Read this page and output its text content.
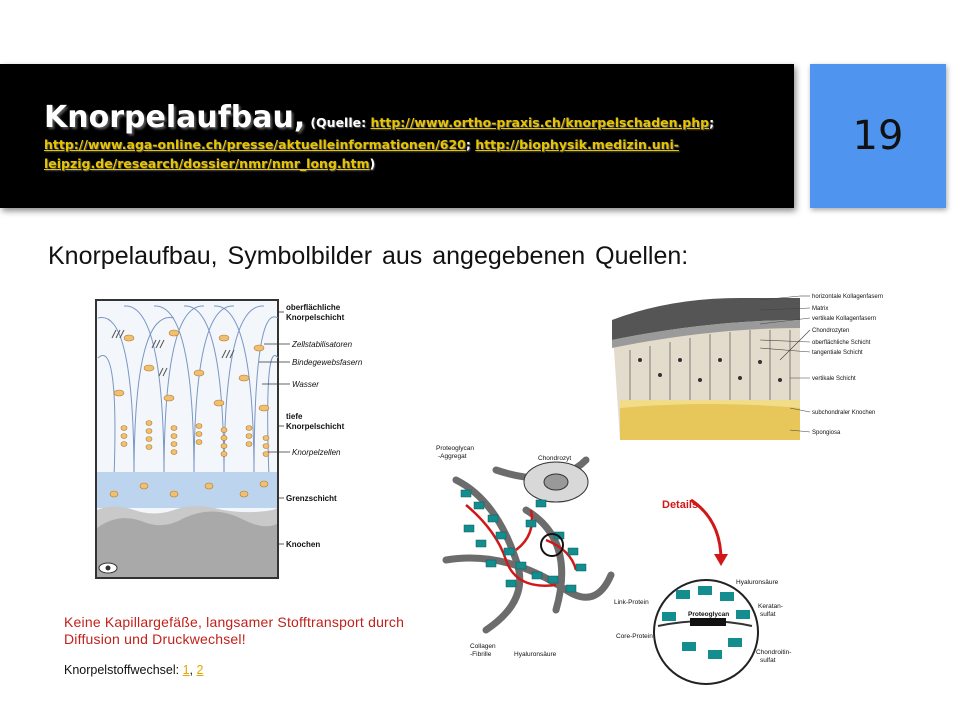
Knorpelaufbau, (Quelle: http://www.ortho-praxis.ch/knorpelschaden.php;
http://www.aga-online.ch/presse/aktuelleinformationen/620; http://biophysik.medizin.uni-leipzig.de/research/dossier/nmr/nmr_long.htm)
19
Knorpelaufbau, Symbolbilder aus angegebenen Quellen:
oberflächliche
Knorpelschicht
Zellstabilisatoren
Bindegewebsfasern
Wasser
tiefe
Knorpelschicht
Knorpelzellen
Grenzschicht
Knochen
horizontale Kollagenfasern
Matrix
vertikale Kollagenfasern
Chondrozyten
oberflächliche Schicht
tangentiale Schicht
vertikale Schicht
subchondraler Knochen
Spongiosa
Details
Proteoglycan
-Aggregat	Chondrozyt
Collagen
-Fibrille	Hyaluronsäure
Hyaluronsäure
Link-Protein
Keratan-
sulfat
Proteoglycan
Core-Protein
Chondroitin-
sulfat
Keine Kapillargefäße, langsamer Stofftransport durch Diffusion und Druckwechsel!
Knorpelstoffwechsel: 1, 2
